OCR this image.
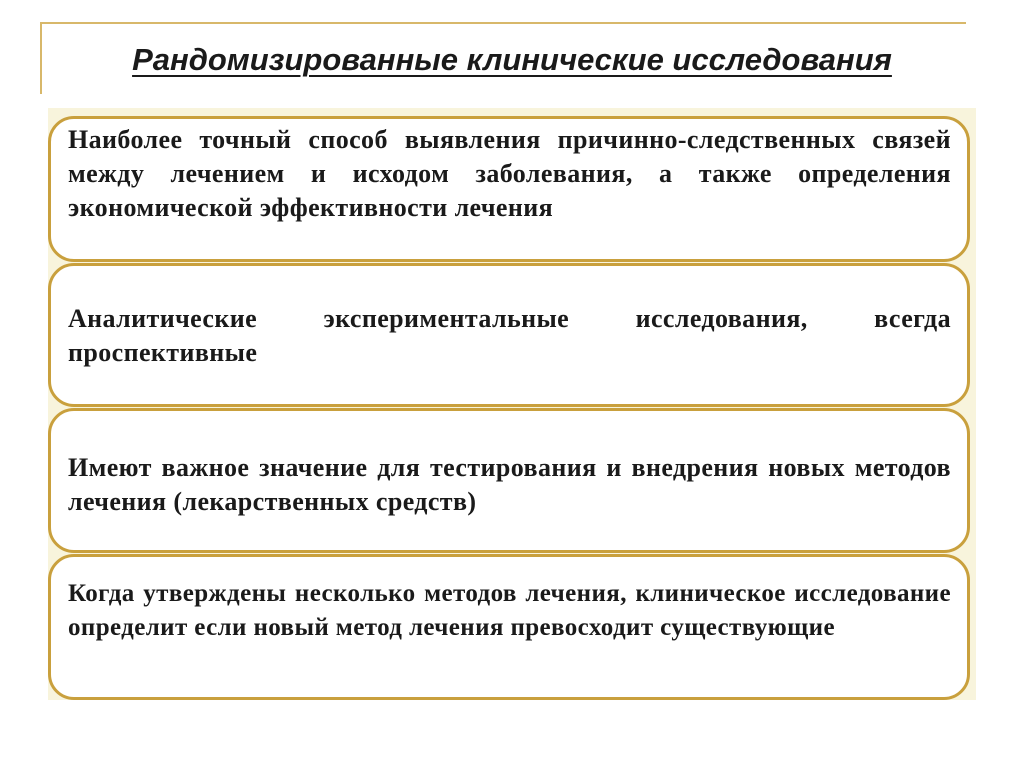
Рандомизированные клинические исследования
Наиболее точный способ выявления причинно-следственных связей между лечением и исходом заболевания, а также определения экономической эффективности лечения
Аналитические экспериментальные исследования, всегда проспективные
Имеют важное значение для тестирования и внедрения новых методов лечения (лекарственных средств)
Когда утверждены несколько методов лечения, клиническое исследование определит если новый метод лечения превосходит существующие
